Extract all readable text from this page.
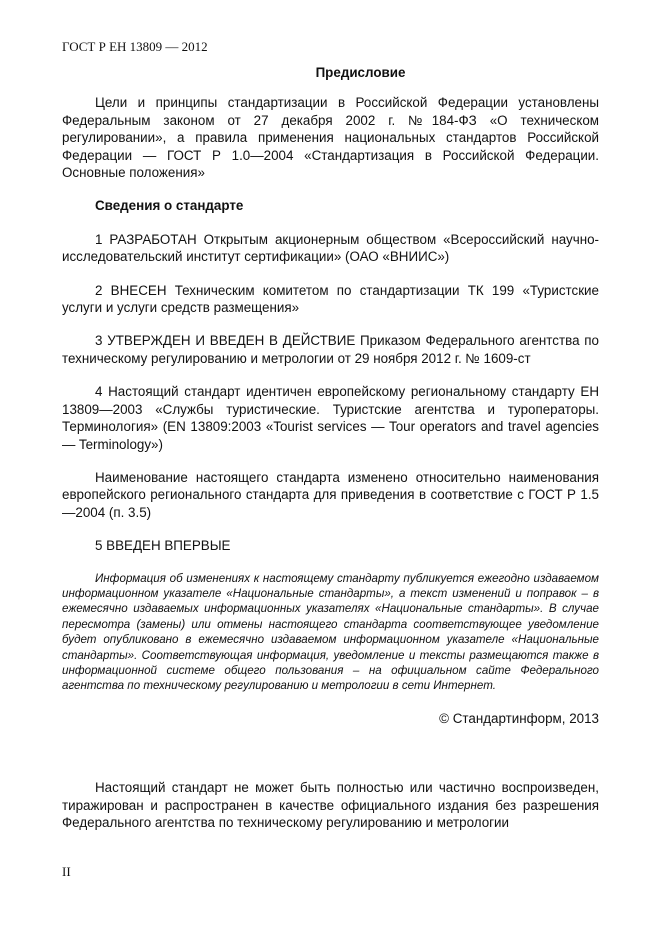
ГОСТ Р ЕН 13809 — 2012
Предисловие

Цели и принципы стандартизации в Российской Федерации установлены Федеральным законом от 27 декабря 2002 г. №184-ФЗ «О техническом регулировании», а правила применения национальных стандартов Российской Федерации — ГОСТ Р 1.0—2004 «Стандартизация в Российской Федерации. Основные положения»

Сведения о стандарте

1 РАЗРАБОТАН Открытым акционерным обществом «Всероссийский научно-исследовательский институт сертификации» (ОАО «ВНИИС»)

2 ВНЕСЕН Техническим комитетом по стандартизации ТК 199 «Туристские услуги и услуги средств размещения»

3 УТВЕРЖДЕН И ВВЕДЕН В ДЕЙСТВИЕ Приказом Федерального агентства по техническому регулированию и метрологии от 29 ноября 2012 г. № 1609-ст

4 Настоящий стандарт идентичен европейскому региональному стандарту ЕН 13809—2003 «Службы туристические. Туристские агентства и туроператоры. Терминология» (EN 13809:2003 «Tourist services — Tour operators and travel agencies — Terminology»)

Наименование настоящего стандарта изменено относительно наименования европейского регионального стандарта для приведения в соответствие с ГОСТ Р 1.5—2004 (п. 3.5)

5 ВВЕДЕН ВПЕРВЫЕ

Информация об изменениях к настоящему стандарту публикуется ежегодно издаваемом информационном указателе «Национальные стандарты», а текст изменений и поправок – в ежемесячно издаваемых информационных указателях «Национальные стандарты». В случае пересмотра (замены) или отмены настоящего стандарта соответствующее уведомление будет опубликовано в ежемесячно издаваемом информационном указателе «Национальные стандарты». Соответствующая информация, уведомление и тексты размещаются также в информационной системе общего пользования – на официальном сайте Федерального агентства по техническому регулированию и метрологии в сети Интернет.

© Стандартинформ, 2013

Настоящий стандарт не может быть полностью или частично воспроизведен, тиражирован и распространен в качестве официального издания без разрешения Федерального агентства по техническому регулированию и метрологии

II
